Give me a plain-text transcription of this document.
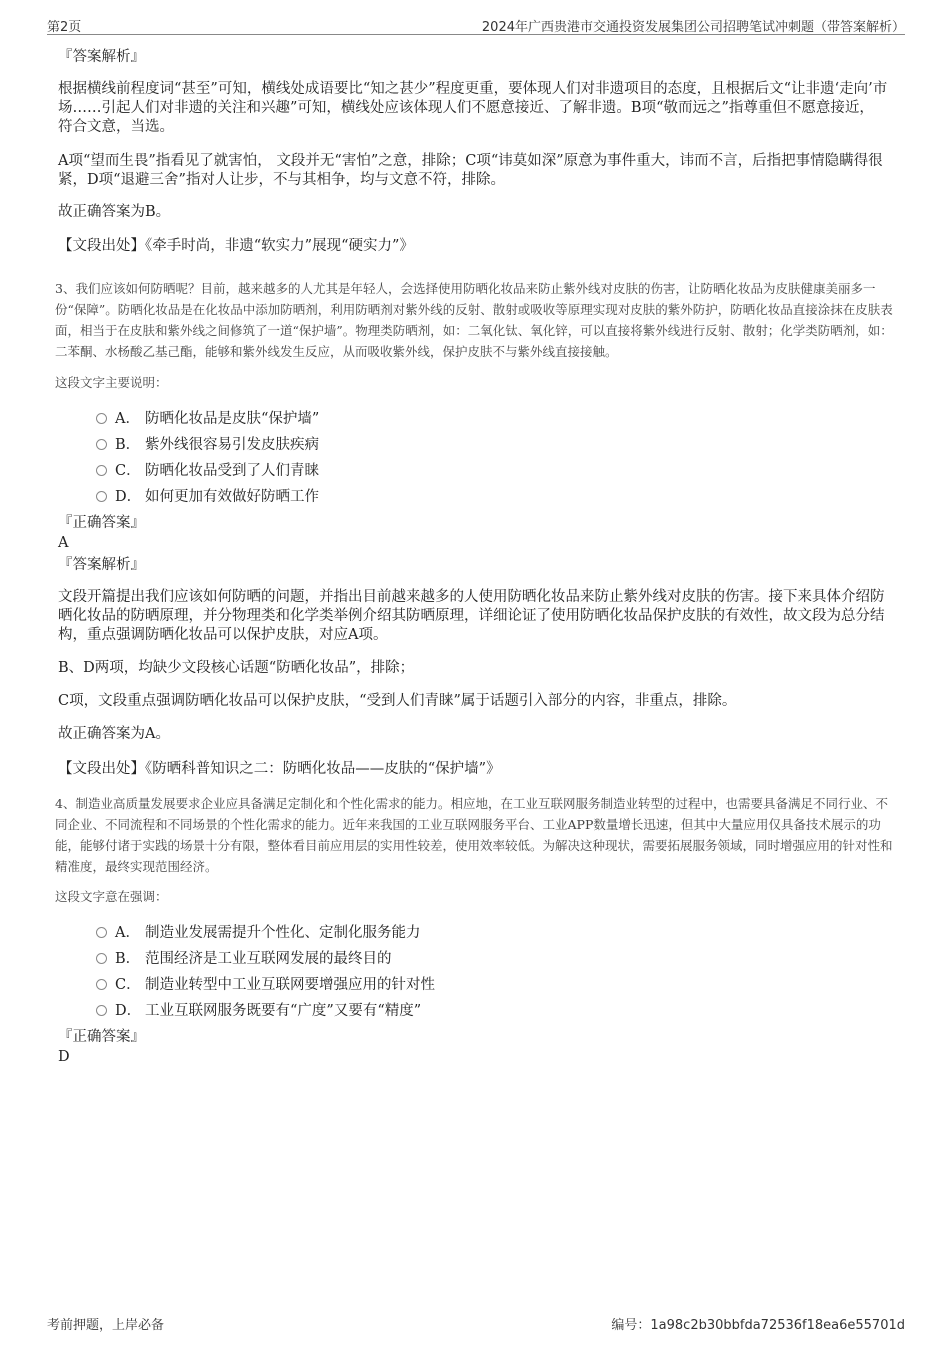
第2页	2024年广西贵港市交通投资发展集团公司招聘笔试冲刺题（带答案解析）
『答案解析』

根据横线前程度词“甚至”可知，横线处成语要比“知之甚少”程度更重，要体现人们对非遗项目的态度，且根据后文“让非遗‘走向’市场……引起人们对非遗的关注和兴趣”可知，横线处应该体现人们不愿意接近、了解非遗。B项“敬而远之”指尊重但不愿意接近，符合文意，当选。

A项“望而生畏”指看见了就害怕， 文段并无“害怕”之意，排除；C项“讳莫如深”原意为事件重大，讳而不言，后指把事情隐瞒得很紧，D项“退避三舍”指对人让步，不与其相争，均与文意不符，排除。

故正确答案为B。

【文段出处】《牵手时尚，非遗“软实力”展现“硬实力”》

3、我们应该如何防晒呢？目前，越来越多的人尤其是年轻人，会选择使用防晒化妆品来防止紫外线对皮肤的伤害，让防晒化妆品为皮肤健康美丽多一份“保障”。防晒化妆品是在化妆品中添加防晒剂，利用防晒剂对紫外线的反射、散射或吸收等原理实现对皮肤的紫外防护，防晒化妆品直接涂抹在皮肤表面，相当于在皮肤和紫外线之间修筑了一道“保护墙”。物理类防晒剂，如：二氧化钛、氧化锌，可以直接将紫外线进行反射、散射；化学类防晒剂，如：二苯酮、水杨酸乙基己酯，能够和紫外线发生反应，从而吸收紫外线，保护皮肤不与紫外线直接接触。

这段文字主要说明：

A． 防晒化妆品是皮肤“保护墙”
B． 紫外线很容易引发皮肤疾病
C． 防晒化妆品受到了人们青睐
D． 如何更加有效做好防晒工作
『正确答案』
A
『答案解析』

文段开篇提出我们应该如何防晒的问题，并指出目前越来越多的人使用防晒化妆品来防止紫外线对皮肤的伤害。接下来具体介绍防晒化妆品的防晒原理，并分物理类和化学类举例介绍其防晒原理，详细论证了使用防晒化妆品保护皮肤的有效性，故文段为总分结构，重点强调防晒化妆品可以保护皮肤，对应A项。

B、D两项，均缺少文段核心话题“防晒化妆品”，排除；

C项，文段重点强调防晒化妆品可以保护皮肤，“受到人们青睐”属于话题引入部分的内容，非重点，排除。

故正确答案为A。

【文段出处】《防晒科普知识之二：防晒化妆品——皮肤的“保护墙”》

4、制造业高质量发展要求企业应具备满足定制化和个性化需求的能力。相应地，在工业互联网服务制造业转型的过程中，也需要具备满足不同行业、不同企业、不同流程和不同场景的个性化需求的能力。近年来我国的工业互联网服务平台、工业APP数量增长迅速，但其中大量应用仅具备技术展示的功能，能够付诸于实践的场景十分有限，整体看目前应用层的实用性较差，使用效率较低。为解决这种现状，需要拓展服务领域，同时增强应用的针对性和精准度，最终实现范围经济。

这段文字意在强调：

A． 制造业发展需提升个性化、定制化服务能力
B． 范围经济是工业互联网发展的最终目的
C． 制造业转型中工业互联网要增强应用的针对性
D． 工业互联网服务既要有“广度”又要有“精度”
『正确答案』
D
考前押题，上岸必备	编号：1a98c2b30bbfda72536f18ea6e55701d
